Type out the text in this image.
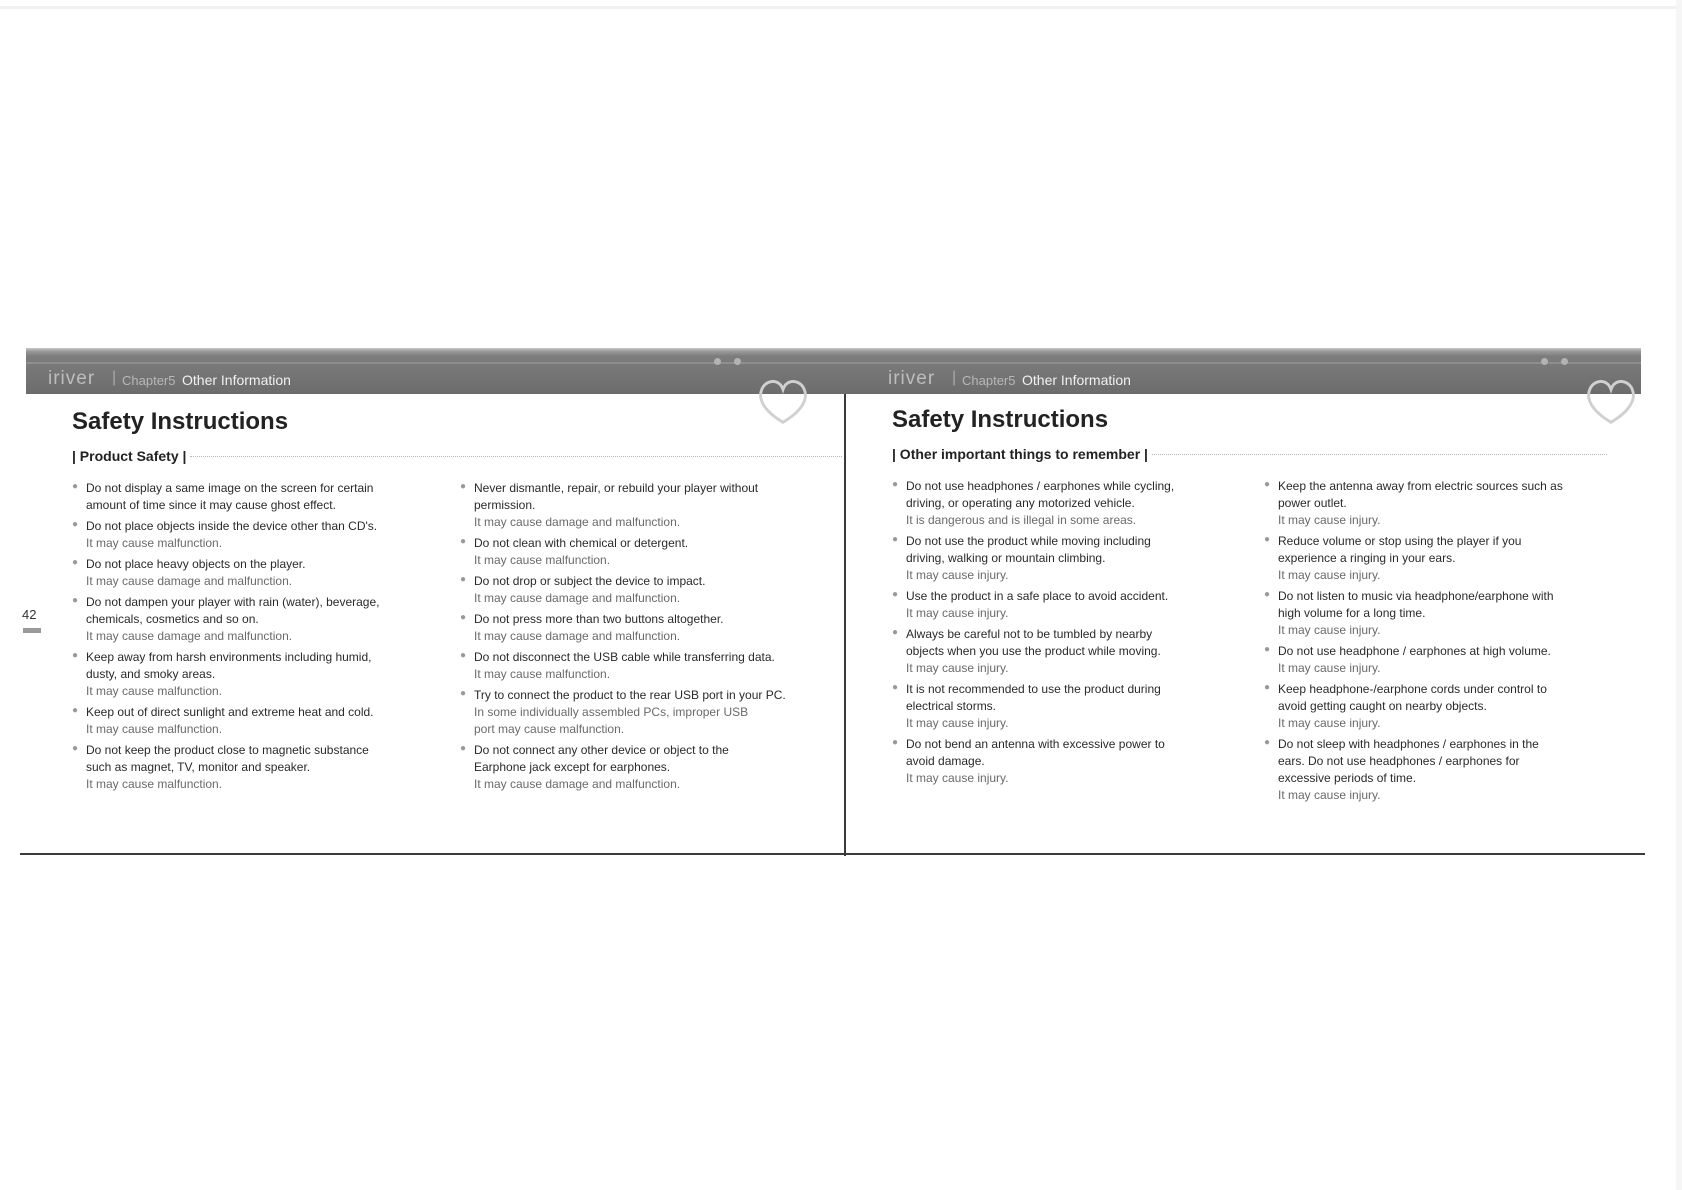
iriver | Chapter5 Other Information
Safety Instructions
| Product Safety |
● Do not display a same image on the screen for certain
amount of time since it may cause ghost effect.
● Do not place objects inside the device other than CD's.
It may cause malfunction.
● Do not place heavy objects on the player.
It may cause damage and malfunction.
● Do not dampen your player with rain (water), beverage,
chemicals, cosmetics and so on.
It may cause damage and malfunction.
● Keep away from harsh environments including humid,
dusty, and smoky areas.
It may cause malfunction.
● Keep out of direct sunlight and extreme heat and cold.
It may cause malfunction.
● Do not keep the product close to magnetic substance
such as magnet, TV, monitor and speaker.
It may cause malfunction.
● Never dismantle, repair, or rebuild your player without
permission.
It may cause damage and malfunction.
● Do not clean with chemical or detergent.
It may cause malfunction.
● Do not drop or subject the device to impact.
It may cause damage and malfunction.
● Do not press more than two buttons altogether.
It may cause damage and malfunction.
● Do not disconnect the USB cable while transferring data.
It may cause malfunction.
● Try to connect the product to the rear USB port in your PC.
In some individually assembled PCs, improper USB
port may cause malfunction.
● Do not connect any other device or object to the
Earphone jack except for earphones.
It may cause damage and malfunction.
42
iriver | Chapter5 Other Information
Safety Instructions
| Other important things to remember |
● Do not use headphones / earphones while cycling,
driving, or operating any motorized vehicle.
It is dangerous and is illegal in some areas.
● Do not use the product while moving including
driving, walking or mountain climbing.
It may cause injury.
● Use the product in a safe place to avoid accident.
It may cause injury.
● Always be careful not to be tumbled by nearby
objects when you use the product while moving.
It may cause injury.
● It is not recommended to use the product during
electrical storms.
It may cause injury.
● Do not bend an antenna with excessive power to
avoid damage.
It may cause injury.
● Keep the antenna away from electric sources such as
power outlet.
It may cause injury.
● Reduce volume or stop using the player if you
experience a ringing in your ears.
It may cause injury.
● Do not listen to music via headphone/earphone with
high volume for a long time.
It may cause injury.
● Do not use headphone / earphones at high volume.
It may cause injury.
● Keep headphone-/earphone cords under control to
avoid getting caught on nearby objects.
It may cause injury.
● Do not sleep with headphones / earphones in the
ears. Do not use headphones / earphones for
excessive periods of time.
It may cause injury.
